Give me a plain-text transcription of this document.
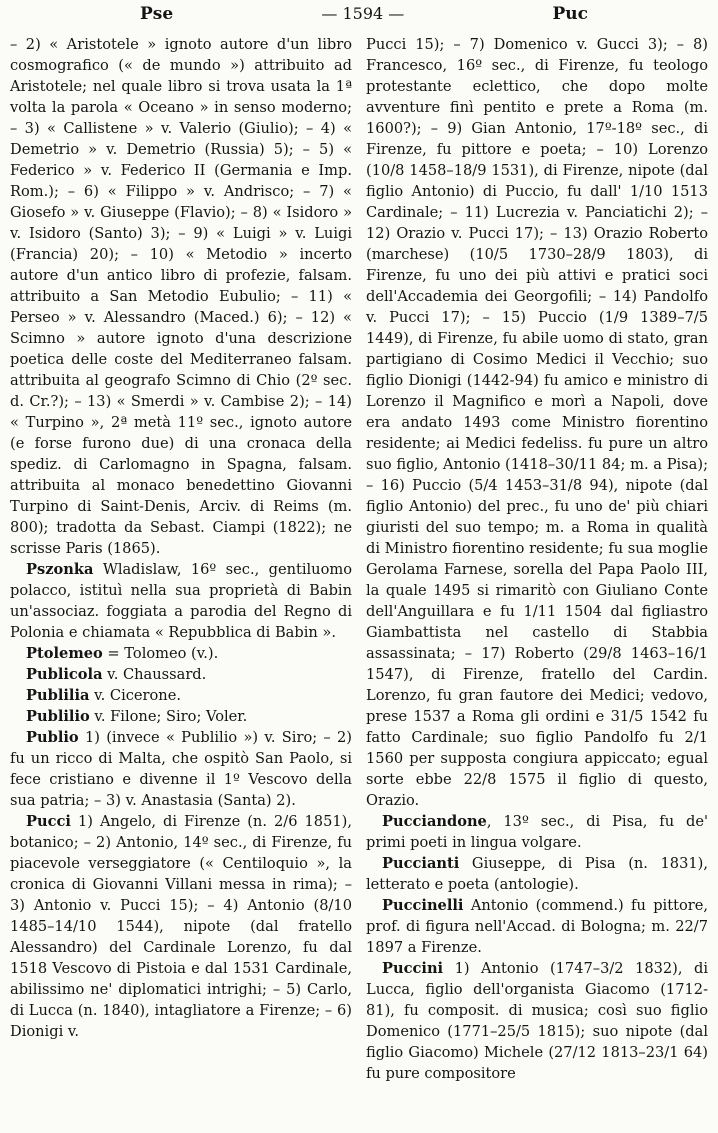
Pse	— 1594 —	Puc

– 2) « Aristotele » ignoto autore d'un libro cosmografico (« de mundo ») attribuito ad Aristotele; nel quale libro si trova usata la 1ª volta la parola « Oceano » in senso moderno; – 3) « Callistene » v. Valerio (Giulio); – 4) « Demetrio » v. Demetrio (Russia) 5); – 5) « Federico » v. Federico II (Germania e Imp. Rom.); – 6) « Filippo » v. Andrisco; – 7) « Giosefo » v. Giuseppe (Flavio); – 8) « Isidoro » v. Isidoro (Santo) 3); – 9) « Luigi » v. Luigi (Francia) 20); – 10) « Metodio » incerto autore d'un antico libro di profezie, falsam. attribuito a San Metodio Eubulio; – 11) « Perseo » v. Alessandro (Maced.) 6); – 12) « Scimno » autore ignoto d'una descrizione poetica delle coste del Mediterraneo falsam. attribuita al geografo Scimno di Chio (2º sec. d. Cr.?); – 13) « Smerdi » v. Cambise 2); – 14) « Turpino », 2ª metà 11º sec., ignoto autore (e forse furono due) di una cronaca della spediz. di Carlomagno in Spagna, falsam. attribuita al monaco benedettino Giovanni Turpino di Saint-Denis, Arciv. di Reims (m. 800); tradotta da Sebast. Ciampi (1822); ne scrisse Paris (1865).

Pszonka Wladislaw, 16º sec., gentiluomo polacco, istituì nella sua proprietà di Babin un'associaz. foggiata a parodia del Regno di Polonia e chiamata « Repubblica di Babin ».

Ptolemeo = Tolomeo (v.).

Publicola v. Chaussard.

Publilia v. Cicerone.

Publilio v. Filone; Siro; Voler.

Publio 1) (invece « Publilio ») v. Siro; – 2) fu un ricco di Malta, che ospitò San Paolo, si fece cristiano e divenne il 1º Vescovo della sua patria; – 3) v. Anastasia (Santa) 2).

Pucci 1) Angelo, di Firenze (n. 2/6 1851), botanico; – 2) Antonio, 14º sec., di Firenze, fu piacevole verseggiatore (« Centiloquio », la cronica di Giovanni Villani messa in rima); – 3) Antonio v. Pucci 15); – 4) Antonio (8/10 1485–14/10 1544), nipote (dal fratello Alessandro) del Cardinale Lorenzo, fu dal 1518 Vescovo di Pistoia e dal 1531 Cardinale, abilissimo ne' diplomatici intrighi; – 5) Carlo, di Lucca (n. 1840), intagliatore a Firenze; – 6) Dionigi v.

Pucci 15); – 7) Domenico v. Gucci 3); – 8) Francesco, 16º sec., di Firenze, fu teologo protestante eclettico, che dopo molte avventure finì pentito e prete a Roma (m. 1600?); – 9) Gian Antonio, 17º-18º sec., di Firenze, fu pittore e poeta; – 10) Lorenzo (10/8 1458–18/9 1531), di Firenze, nipote (dal figlio Antonio) di Puccio, fu dall' 1/10 1513 Cardinale; – 11) Lucrezia v. Panciatichi 2); – 12) Orazio v. Pucci 17); – 13) Orazio Roberto (marchese) (10/5 1730–28/9 1803), di Firenze, fu uno dei più attivi e pratici soci dell'Accademia dei Georgofili; – 14) Pandolfo v. Pucci 17); – 15) Puccio (1/9 1389–7/5 1449), di Firenze, fu abile uomo di stato, gran partigiano di Cosimo Medici il Vecchio; suo figlio Dionigi (1442-94) fu amico e ministro di Lorenzo il Magnifico e morì a Napoli, dove era andato 1493 come Ministro fiorentino residente; ai Medici fedeliss. fu pure un altro suo figlio, Antonio (1418–30/11 84; m. a Pisa); – 16) Puccio (5/4 1453–31/8 94), nipote (dal figlio Antonio) del prec., fu uno de' più chiari giuristi del suo tempo; m. a Roma in qualità di Ministro fiorentino residente; fu sua moglie Gerolama Farnese, sorella del Papa Paolo III, la quale 1495 si rimaritò con Giuliano Conte dell'Anguillara e fu 1/11 1504 dal figliastro Giambattista nel castello di Stabbia assassinata; – 17) Roberto (29/8 1463–16/1 1547), di Firenze, fratello del Cardin. Lorenzo, fu gran fautore dei Medici; vedovo, prese 1537 a Roma gli ordini e 31/5 1542 fu fatto Cardinale; suo figlio Pandolfo fu 2/1 1560 per supposta congiura appiccato; egual sorte ebbe 22/8 1575 il figlio di questo, Orazio.

Pucciandone, 13º sec., di Pisa, fu de' primi poeti in lingua volgare.

Puccianti Giuseppe, di Pisa (n. 1831), letterato e poeta (antologie).

Puccinelli Antonio (commend.) fu pittore, prof. di figura nell'Accad. di Bologna; m. 22/7 1897 a Firenze.

Puccini 1) Antonio (1747–3/2 1832), di Lucca, figlio dell'organista Giacomo (1712-81), fu composit. di musica; così suo figlio Domenico (1771–25/5 1815); suo nipote (dal figlio Giacomo) Michele (27/12 1813–23/1 64) fu pure compositore
